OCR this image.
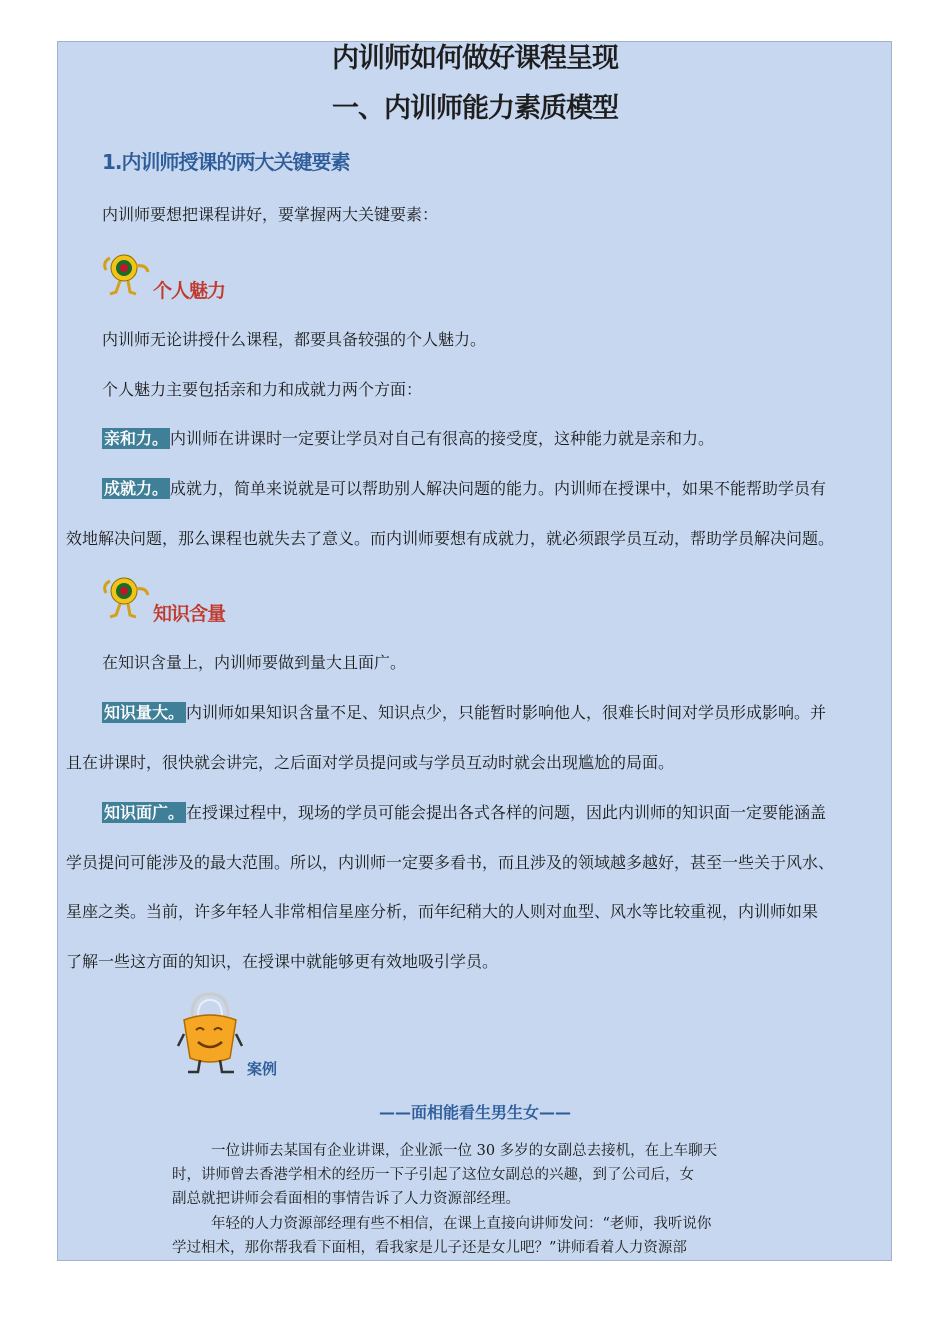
内训师如何做好课程呈现
一、内训师能力素质模型
1.内训师授课的两大关键要素
内训师要想把课程讲好，要掌握两大关键要素：
个人魅力
内训师无论讲授什么课程，都要具备较强的个人魅力。
个人魅力主要包括亲和力和成就力两个方面：
亲和力。 内训师在讲课时一定要让学员对自己有很高的接受度，这种能力就是亲和力。
成就力。 成就力，简单来说就是可以帮助别人解决问题的能力。内训师在授课中，如果不能帮助学员有
效地解决问题，那么课程也就失去了意义。而内训师要想有成就力，就必须跟学员互动，帮助学员解决问题。
知识含量
在知识含量上，内训师要做到量大且面广。
知识量大。 内训师如果知识含量不足、知识点少，只能暂时影响他人，很难长时间对学员形成影响。并
且在讲课时，很快就会讲完，之后面对学员提问或与学员互动时就会出现尴尬的局面。
知识面广。 在授课过程中，现场的学员可能会提出各式各样的问题，因此内训师的知识面一定要能涵盖
学员提问可能涉及的最大范围。所以，内训师一定要多看书，而且涉及的领域越多越好，甚至一些关于风水、
星座之类。当前，许多年轻人非常相信星座分析，而年纪稍大的人则对血型、风水等比较重视，内训师如果
了解一些这方面的知识，在授课中就能够更有效地吸引学员。
案例
——面相能看生男生女——
一位讲师去某国有企业讲课，企业派一位 30 多岁的女副总去接机，在上车聊天
时，讲师曾去香港学相术的经历一下子引起了这位女副总的兴趣，到了公司后，女
副总就把讲师会看面相的事情告诉了人力资源部经理。
年轻的人力资源部经理有些不相信，在课上直接向讲师发问：“老师，我听说你
学过相术，那你帮我看下面相，看我家是儿子还是女儿吧？”讲师看着人力资源部
